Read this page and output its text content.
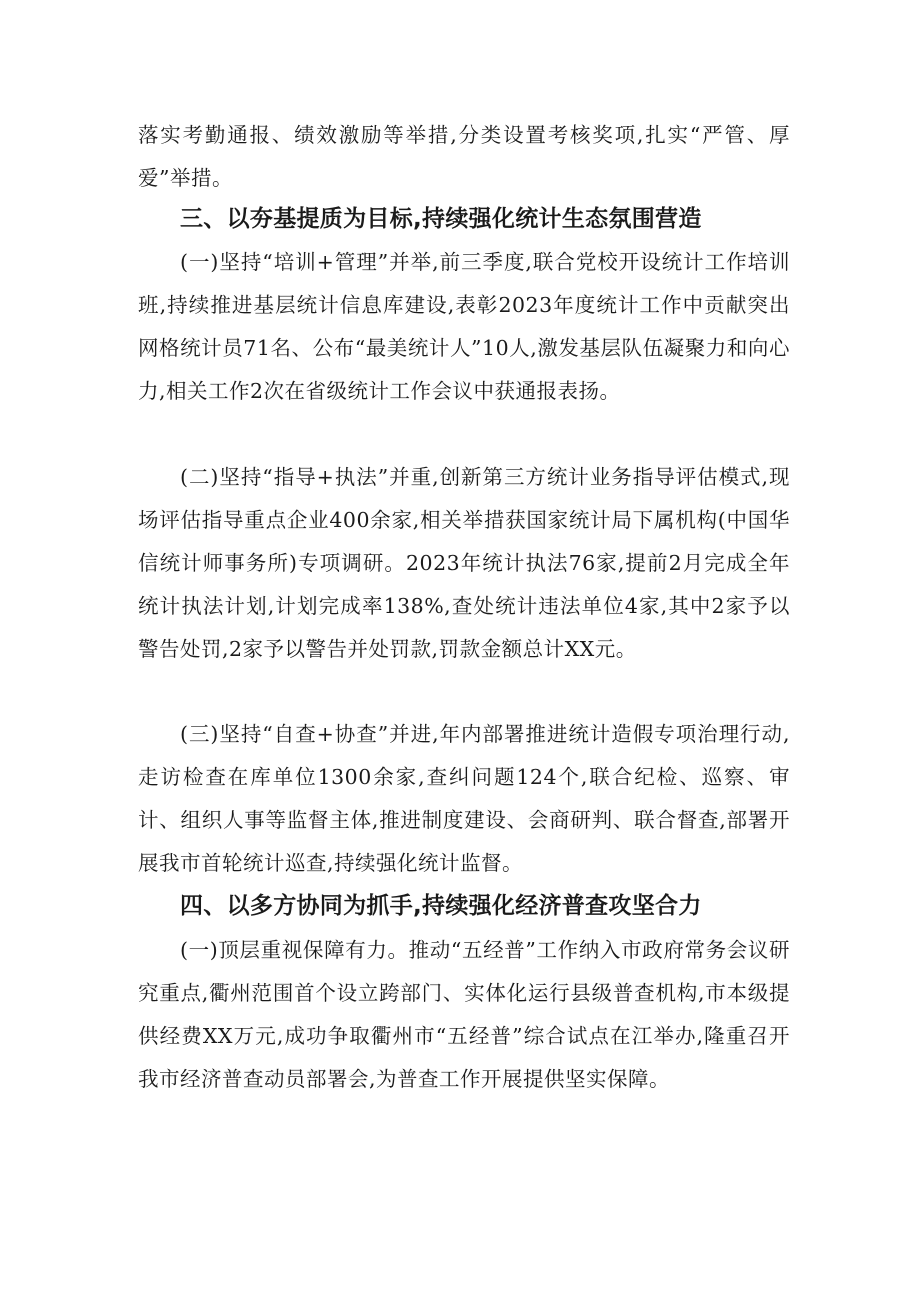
落实考勤通报、绩效激励等举措,分类设置考核奖项,扎实“严管、厚爱”举措。

三、以夯基提质为目标,持续强化统计生态氛围营造

(一)坚持“培训+管理”并举,前三季度,联合党校开设统计工作培训班,持续推进基层统计信息库建设,表彰2023年度统计工作中贡献突出网格统计员71名、公布“最美统计人”10人,激发基层队伍凝聚力和向心力,相关工作2次在省级统计工作会议中获通报表扬。

(二)坚持“指导+执法”并重,创新第三方统计业务指导评估模式,现场评估指导重点企业400余家,相关举措获国家统计局下属机构(中国华信统计师事务所)专项调研。2023年统计执法76家,提前2月完成全年统计执法计划,计划完成率138%,查处统计违法单位4家,其中2家予以警告处罚,2家予以警告并处罚款,罚款金额总计XX元。

(三)坚持“自查+协查”并进,年内部署推进统计造假专项治理行动,走访检查在库单位1300余家,查纠问题124个,联合纪检、巡察、审计、组织人事等监督主体,推进制度建设、会商研判、联合督查,部署开展我市首轮统计巡查,持续强化统计监督。

四、以多方协同为抓手,持续强化经济普查攻坚合力

(一)顶层重视保障有力。推动“五经普”工作纳入市政府常务会议研究重点,衢州范围首个设立跨部门、实体化运行县级普查机构,市本级提供经费XX万元,成功争取衢州市“五经普”综合试点在江举办,隆重召开我市经济普查动员部署会,为普查工作开展提供坚实保障。
